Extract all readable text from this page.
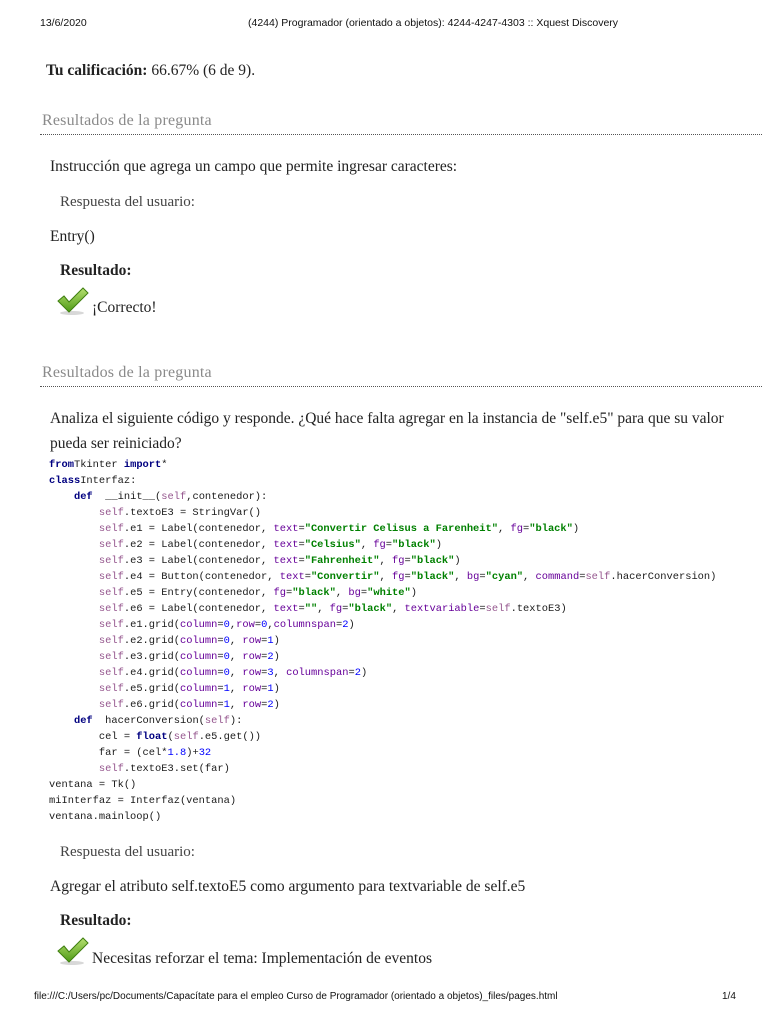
13/6/2020	(4244) Programador (orientado a objetos): 4244-4247-4303 :: Xquest Discovery
Tu calificación: 66.67% (6 de 9).
Resultados de la pregunta
Instrucción que agrega un campo que permite ingresar caracteres:
Respuesta del usuario:
Entry()
Resultado:
¡Correcto!
Resultados de la pregunta
Analiza el siguiente código y responde. ¿Qué hace falta agregar en la instancia de "self.e5" para que su valor pueda ser reiniciado?
fromTkinter import*
classInterfaz:
def  __init__(self,contenedor):
self.textoE3 = StringVar()
self.e1 = Label(contenedor, text="Convertir Celisus a Farenheit", fg="black")
self.e2 = Label(contenedor, text="Celsius", fg="black")
self.e3 = Label(contenedor, text="Fahrenheit", fg="black")
self.e4 = Button(contenedor, text="Convertir", fg="black", bg="cyan", command=self.hacerConversion)
self.e5 = Entry(contenedor, fg="black", bg="white")
self.e6 = Label(contenedor, text="", fg="black", textvariable=self.textoE3)
self.e1.grid(column=0,row=0,columnspan=2)
self.e2.grid(column=0, row=1)
self.e3.grid(column=0, row=2)
self.e4.grid(column=0, row=3, columnspan=2)
self.e5.grid(column=1, row=1)
self.e6.grid(column=1, row=2)
def  hacerConversion(self):
cel = float(self.e5.get())
far = (cel*1.8)+32
self.textoE3.set(far)
ventana = Tk()
miInterfaz = Interfaz(ventana)
ventana.mainloop()
Respuesta del usuario:
Agregar el atributo self.textoE5 como argumento para textvariable de self.e5
Resultado:
Necesitas reforzar el tema: Implementación de eventos
file:///C:/Users/pc/Documents/Capacítate para el empleo Curso de Programador (orientado a objetos)_files/pages.html	1/4
